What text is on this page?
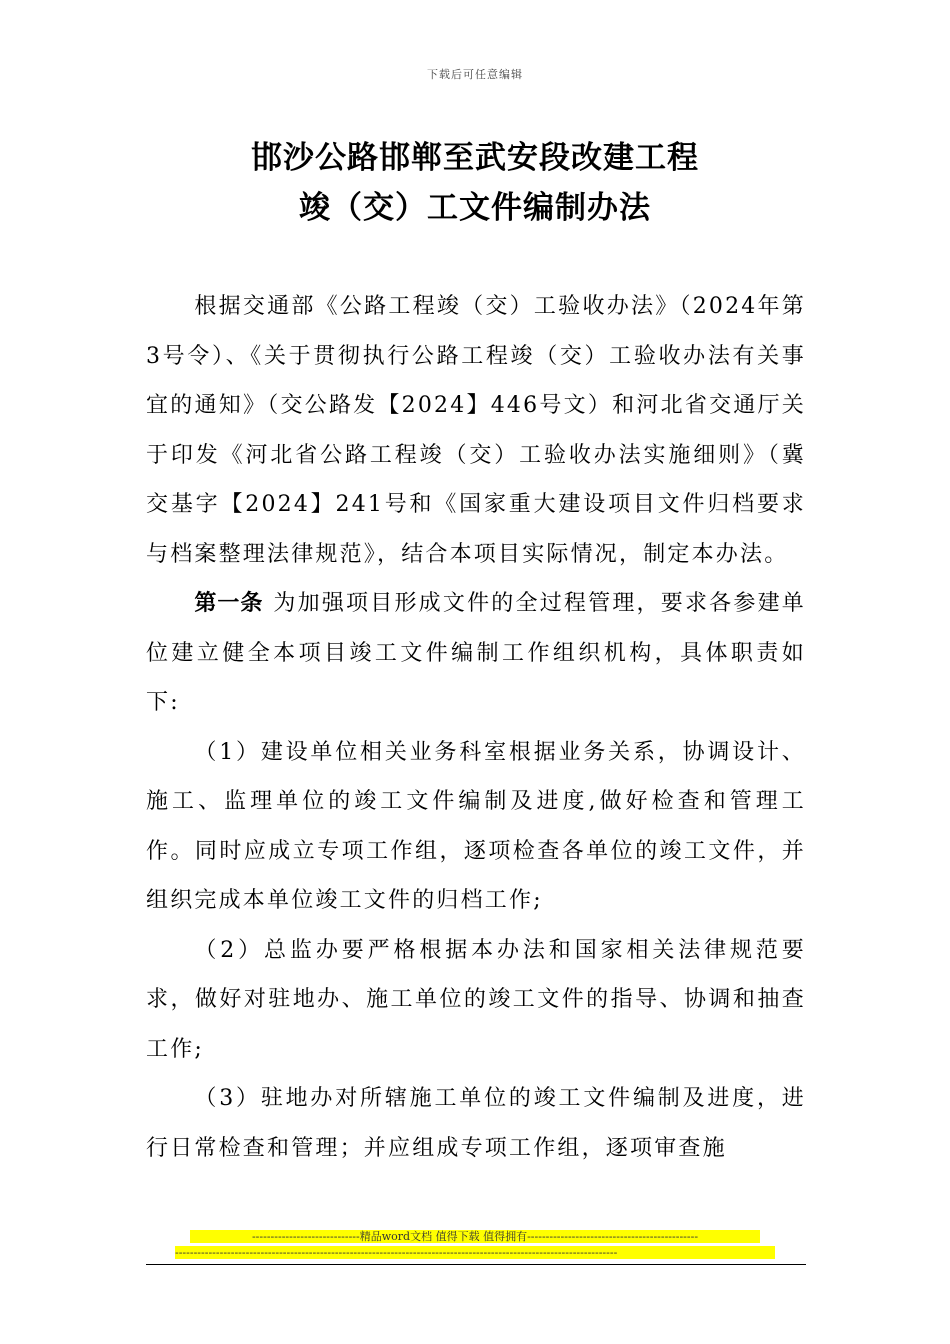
下载后可任意编辑
邯沙公路邯郸至武安段改建工程
竣（交）工文件编制办法

根据交通部《公路工程竣（交）工验收办法》（2024年第3号令）、《关于贯彻执行公路工程竣（交）工验收办法有关事宜的通知》（交公路发【2024】446号文）和河北省交通厅关于印发《河北省公路工程竣（交）工验收办法实施细则》（冀交基字【2024】241号和《国家重大建设项目文件归档要求与档案整理法律规范》，结合本项目实际情况，制定本办法。

第一条 为加强项目形成文件的全过程管理，要求各参建单位建立健全本项目竣工文件编制工作组织机构，具体职责如下:

（1）建设单位相关业务科室根据业务关系，协调设计、施工、监理单位的竣工文件编制及进度,做好检查和管理工作。同时应成立专项工作组，逐项检查各单位的竣工文件，并组织完成本单位竣工文件的归档工作;

（2）总监办要严格根据本办法和国家相关法律规范要求，做好对驻地办、施工单位的竣工文件的指导、协调和抽查工作;

（3）驻地办对所辖施工单位的竣工文件编制及进度，进行日常检查和管理；并应组成专项工作组，逐项审查施

-----------------------------精品word文档 值得下载 值得拥有----------------------------------------------
-----------------------------------------------------------------------------------------------------------------------
